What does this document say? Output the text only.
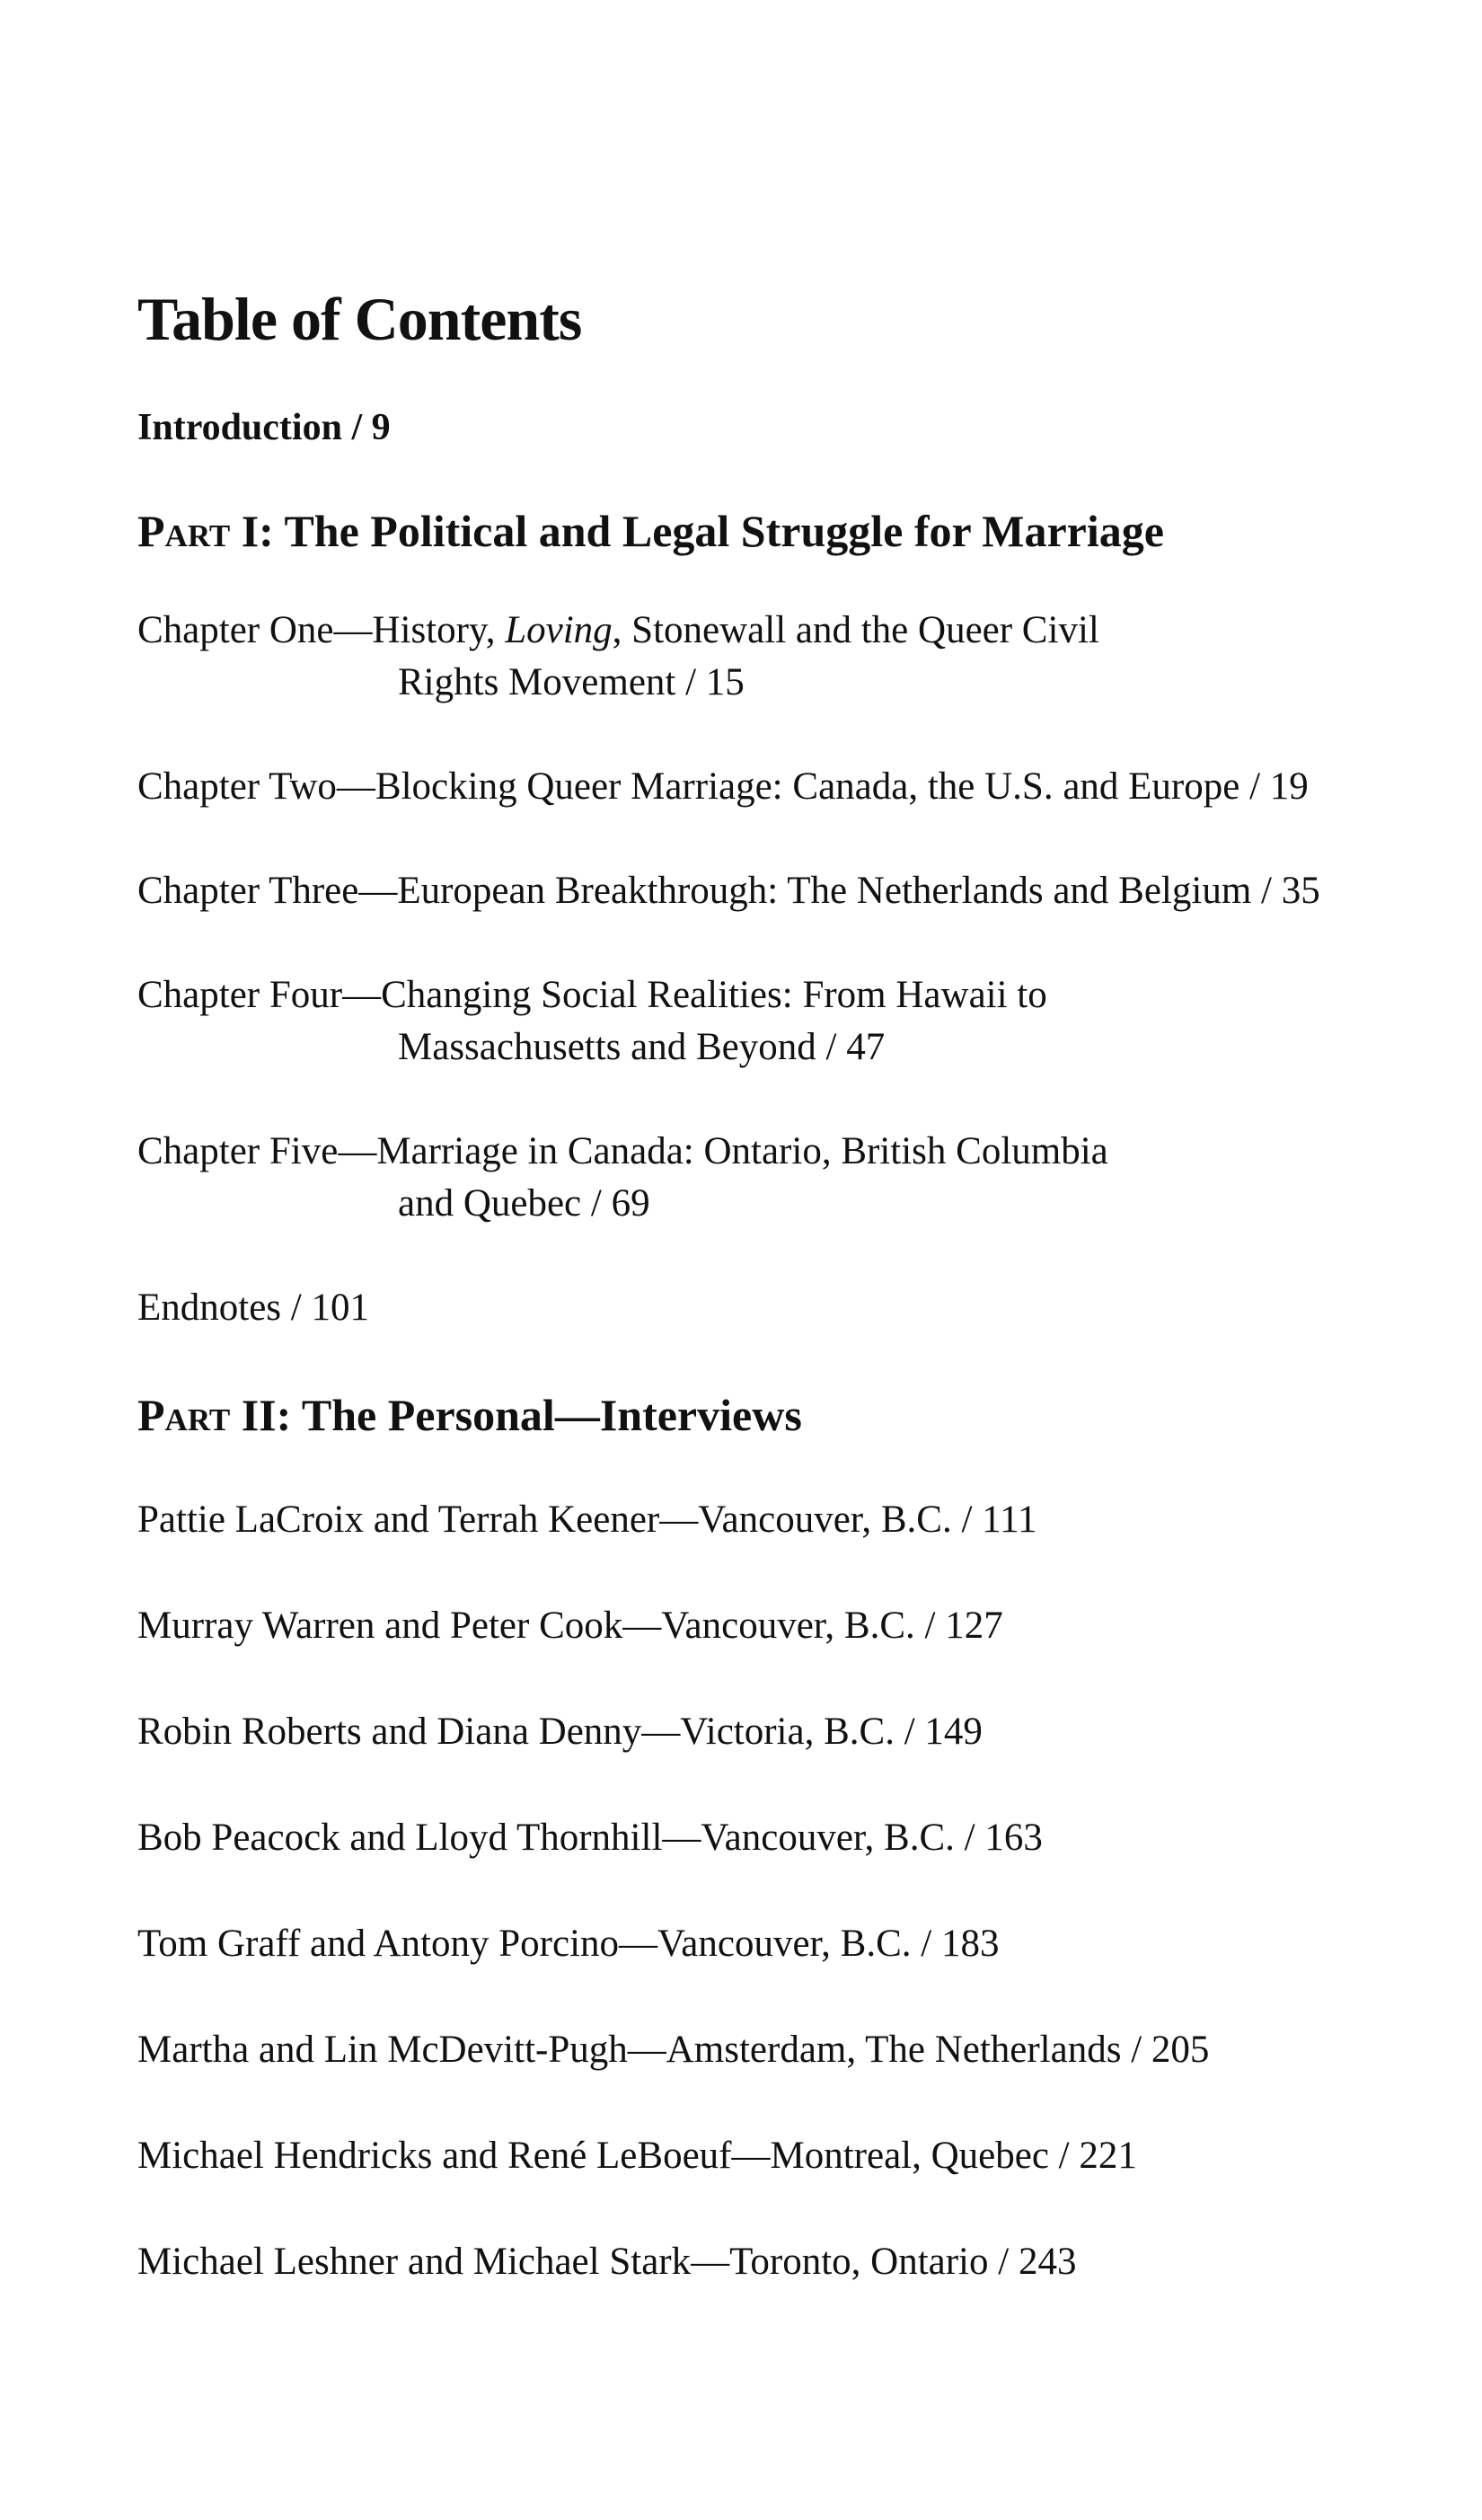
Table of Contents
Introduction / 9
Part I: The Political and Legal Struggle for Marriage
Chapter One—History, Loving, Stonewall and the Queer Civil
Rights Movement / 15
Chapter Two—Blocking Queer Marriage: Canada, the U.S. and Europe / 19
Chapter Three—European Breakthrough: The Netherlands and Belgium / 35
Chapter Four—Changing Social Realities: From Hawaii to
Massachusetts and Beyond / 47
Chapter Five—Marriage in Canada: Ontario, British Columbia
and Quebec / 69
Endnotes / 101
Part II: The Personal—Interviews
Pattie LaCroix and Terrah Keener—Vancouver, B.C. / 111
Murray Warren and Peter Cook—Vancouver, B.C. / 127
Robin Roberts and Diana Denny—Victoria, B.C. / 149
Bob Peacock and Lloyd Thornhill—Vancouver, B.C. / 163
Tom Graff and Antony Porcino—Vancouver, B.C. / 183
Martha and Lin McDevitt-Pugh—Amsterdam, The Netherlands / 205
Michael Hendricks and René LeBoeuf—Montreal, Quebec / 221
Michael Leshner and Michael Stark—Toronto, Ontario / 243
